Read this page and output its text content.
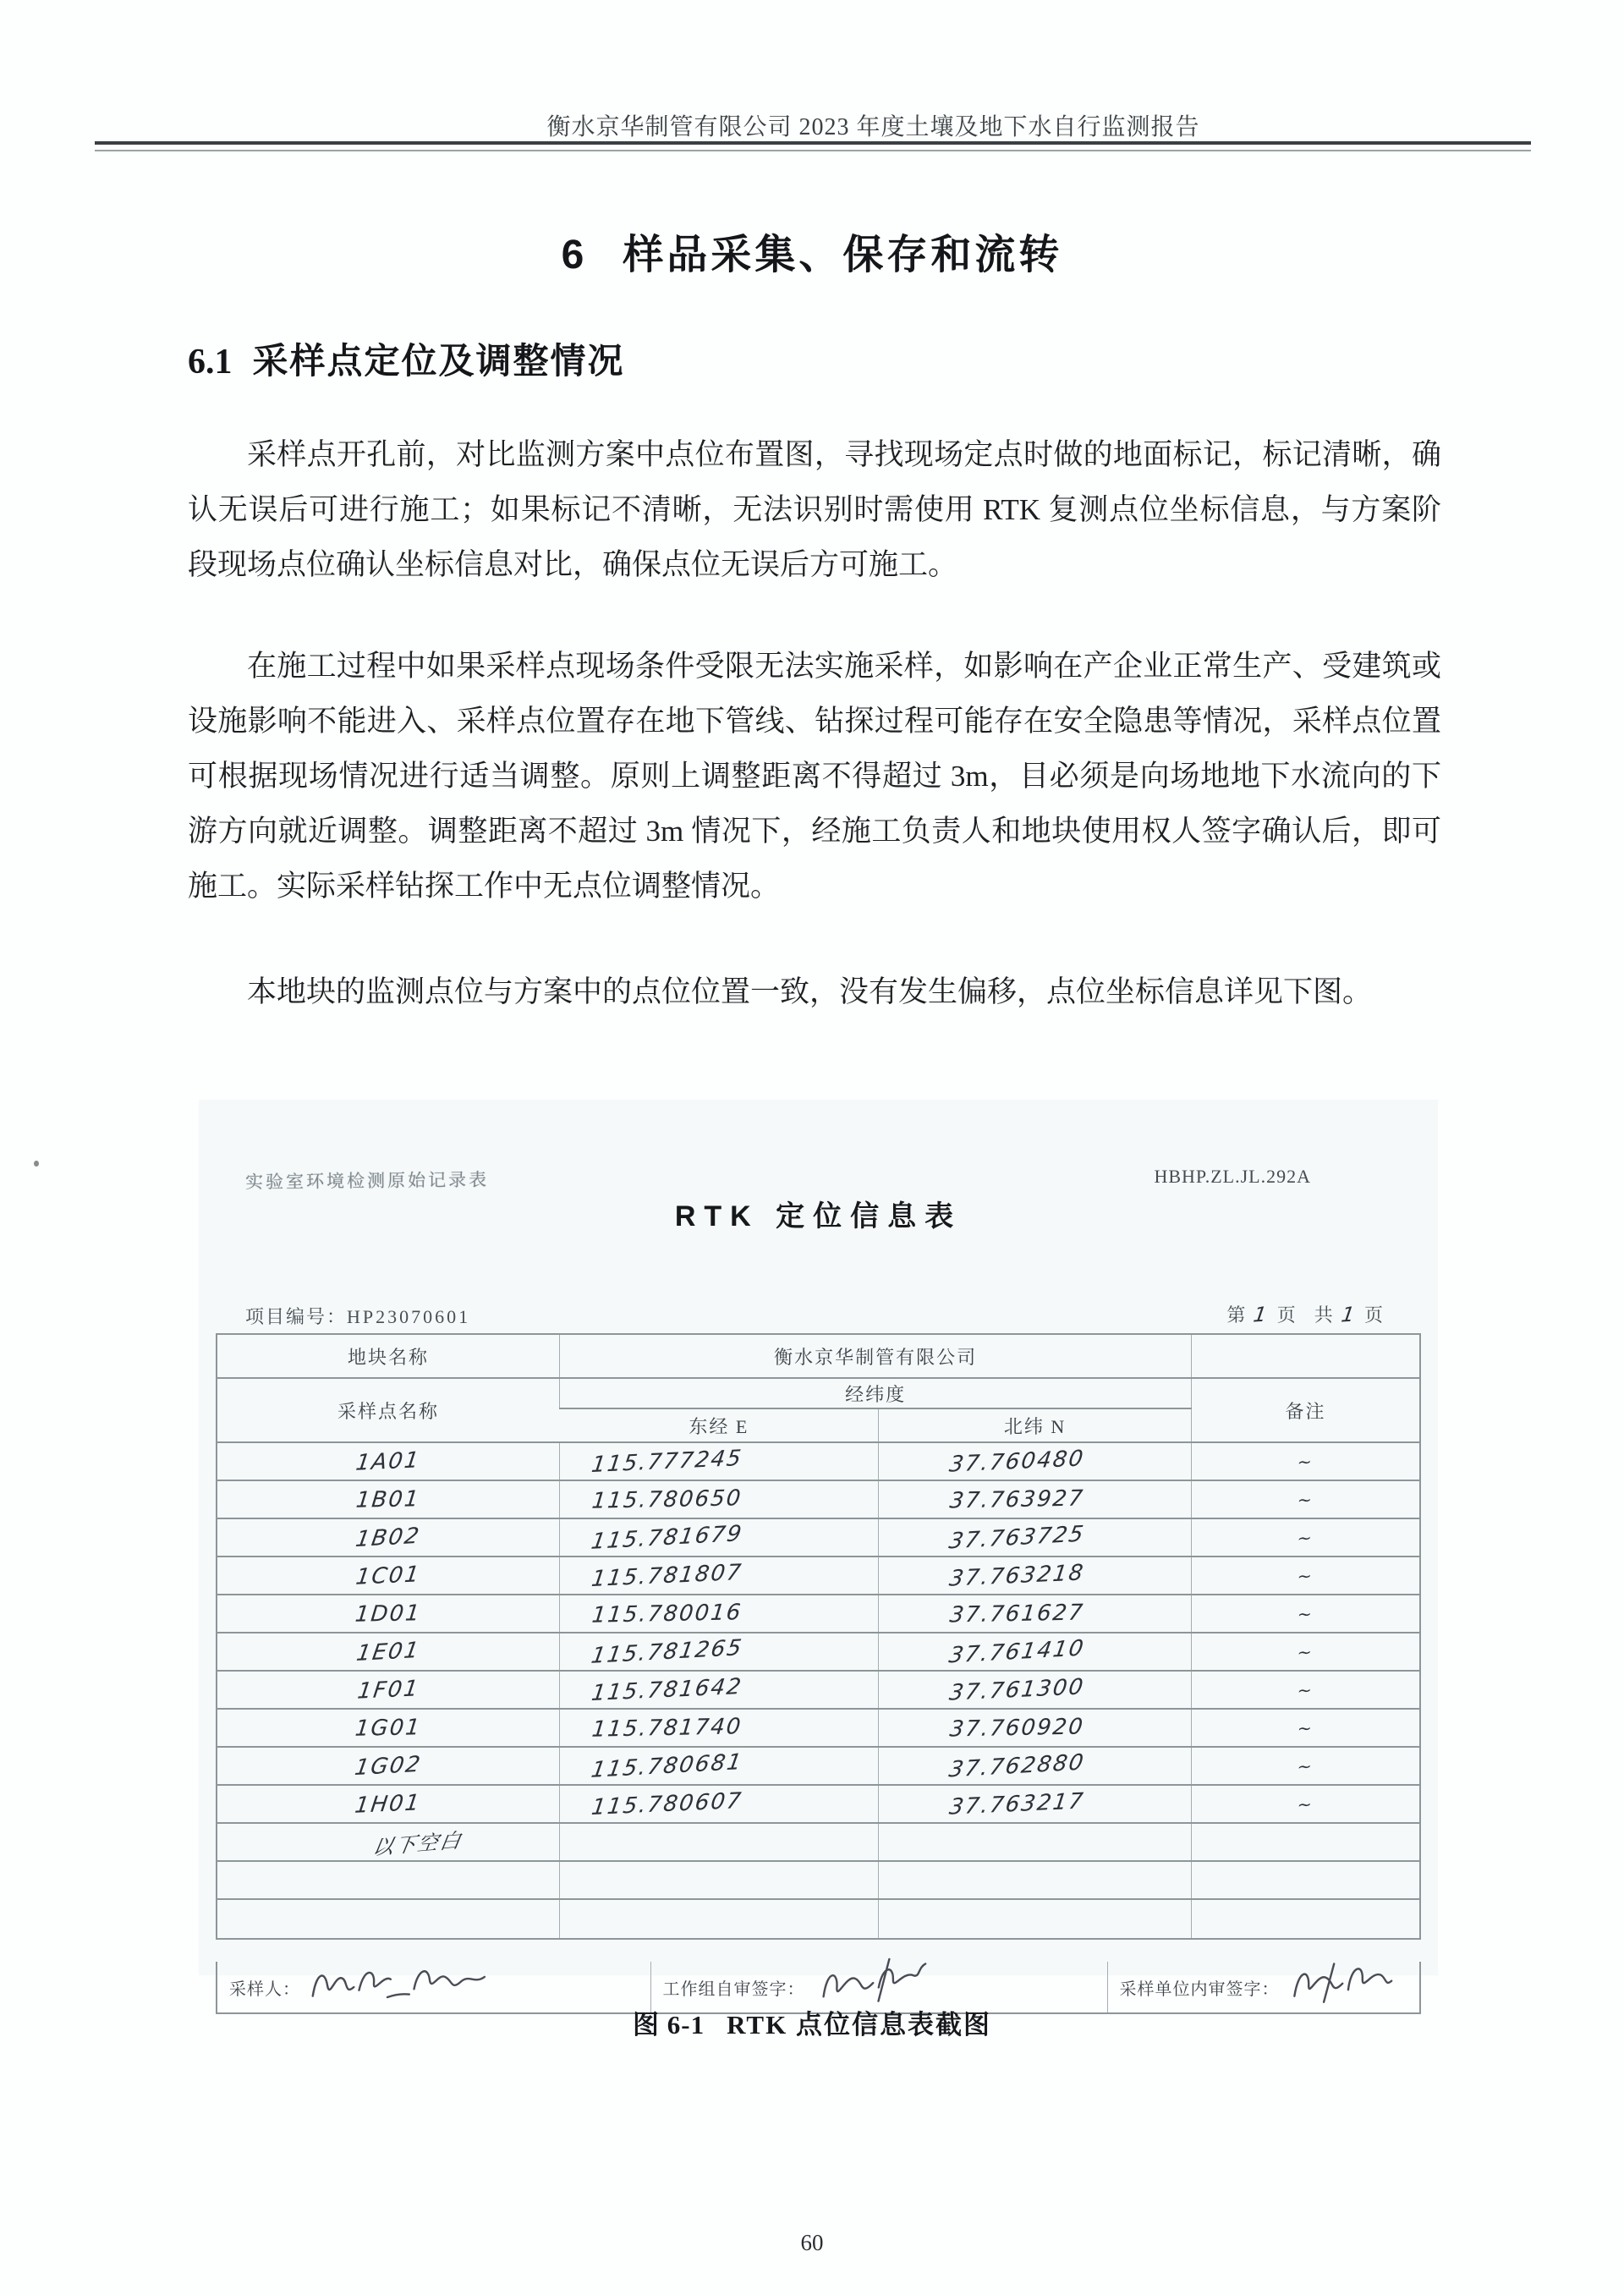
衡水京华制管有限公司 2023 年度土壤及地下水自行监测报告
6 样品采集、保存和流转
6.1 采样点定位及调整情况

采样点开孔前，对比监测方案中点位布置图，寻找现场定点时做的地面标记，标记清晰，确认无误后可进行施工；如果标记不清晰，无法识别时需使用 RTK 复测点位坐标信息，与方案阶段现场点位确认坐标信息对比，确保点位无误后方可施工。

在施工过程中如果采样点现场条件受限无法实施采样，如影响在产企业正常生产、受建筑或设施影响不能进入、采样点位置存在地下管线、钻探过程可能存在安全隐患等情况，采样点位置可根据现场情况进行适当调整。原则上调整距离不得超过 3m，目必须是向场地地下水流向的下游方向就近调整。调整距离不超过 3m 情况下，经施工负责人和地块使用权人签字确认后，即可施工。实际采样钻探工作中无点位调整情况。

本地块的监测点位与方案中的点位位置一致，没有发生偏移，点位坐标信息详见下图。

实验室环境检测原始记录表	HBHP.ZL.JL.292A
RTK 定位信息表
项目编号：HP23070601	第 1 页　共 1 页
地块名称	衡水京华制管有限公司		
采样点名称	经纬度		备注
	东经 E	北纬 N	
1A01	115.777245	37.760480	~
1B01	115.780650	37.763927	~
1B02	115.781679	37.763725	~
1C01	115.781807	37.763218	~
1D01	115.780016	37.761627	~
1E01	115.781265	37.761410	~
1F01	115.781642	37.761300	~
1G01	115.781740	37.760920	~
1G02	115.780681	37.762880	~
1H01	115.780607	37.763217	~
以下空白			

采样人：	工作组自审签字：	采样单位内审签字：
图 6-1 RTK 点位信息表截图
60
